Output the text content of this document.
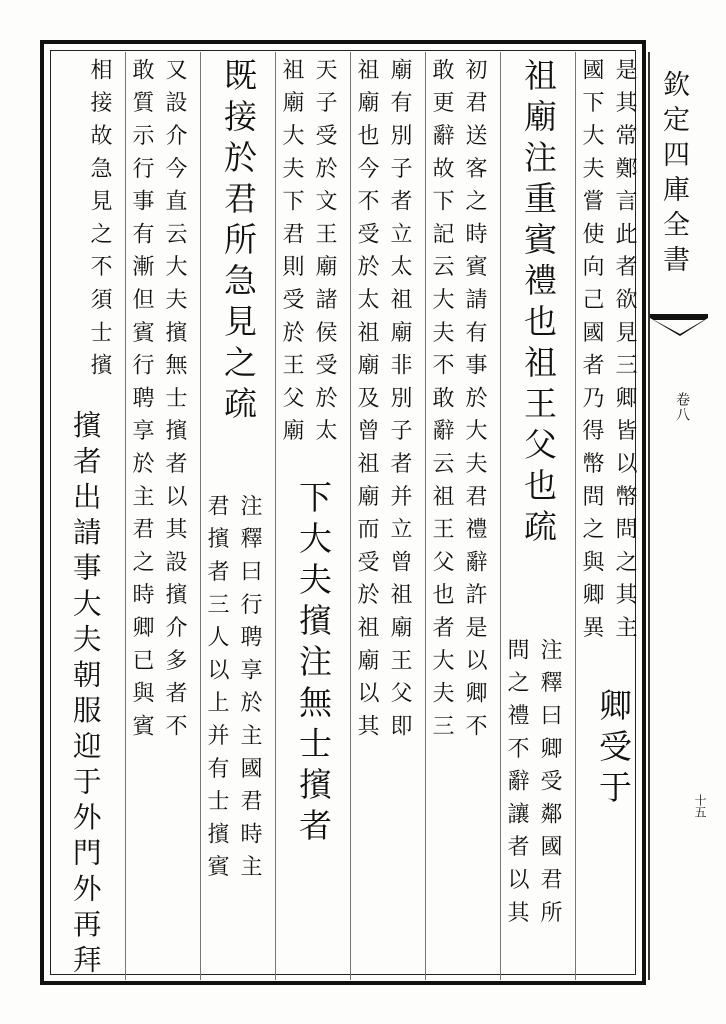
欽定四庫全書
卷八
十五
是其常鄭言此者欲見三卿皆以幣問之其主
國下大夫嘗使向己國者乃得幣問之與卿異
卿受于
祖廟注重賓禮也祖王父也疏
注釋曰卿受鄰國君所
問之禮不辭讓者以其
初君送客之時賓請有事於大夫君禮辭許是以卿不
敢更辭故下記云大夫不敢辭云祖王父也者大夫三
廟有別子者立太祖廟非別子者并立曾祖廟王父即
祖廟也今不受於太祖廟及曾祖廟而受於祖廟以其
天子受於文王廟諸侯受於太
祖廟大夫下君則受於王父廟
下大夫擯注無士擯者
既接於君所急見之疏
注釋曰行聘享於主國君時主
君擯者三人以上并有士擯賓
又設介今直云大夫擯無士擯者以其設擯介多者不
敢質示行事有漸但賓行聘享於主君之時卿已與賓
相接故急見之不須士擯
擯者出請事大夫朝服迎于外門外再拜
